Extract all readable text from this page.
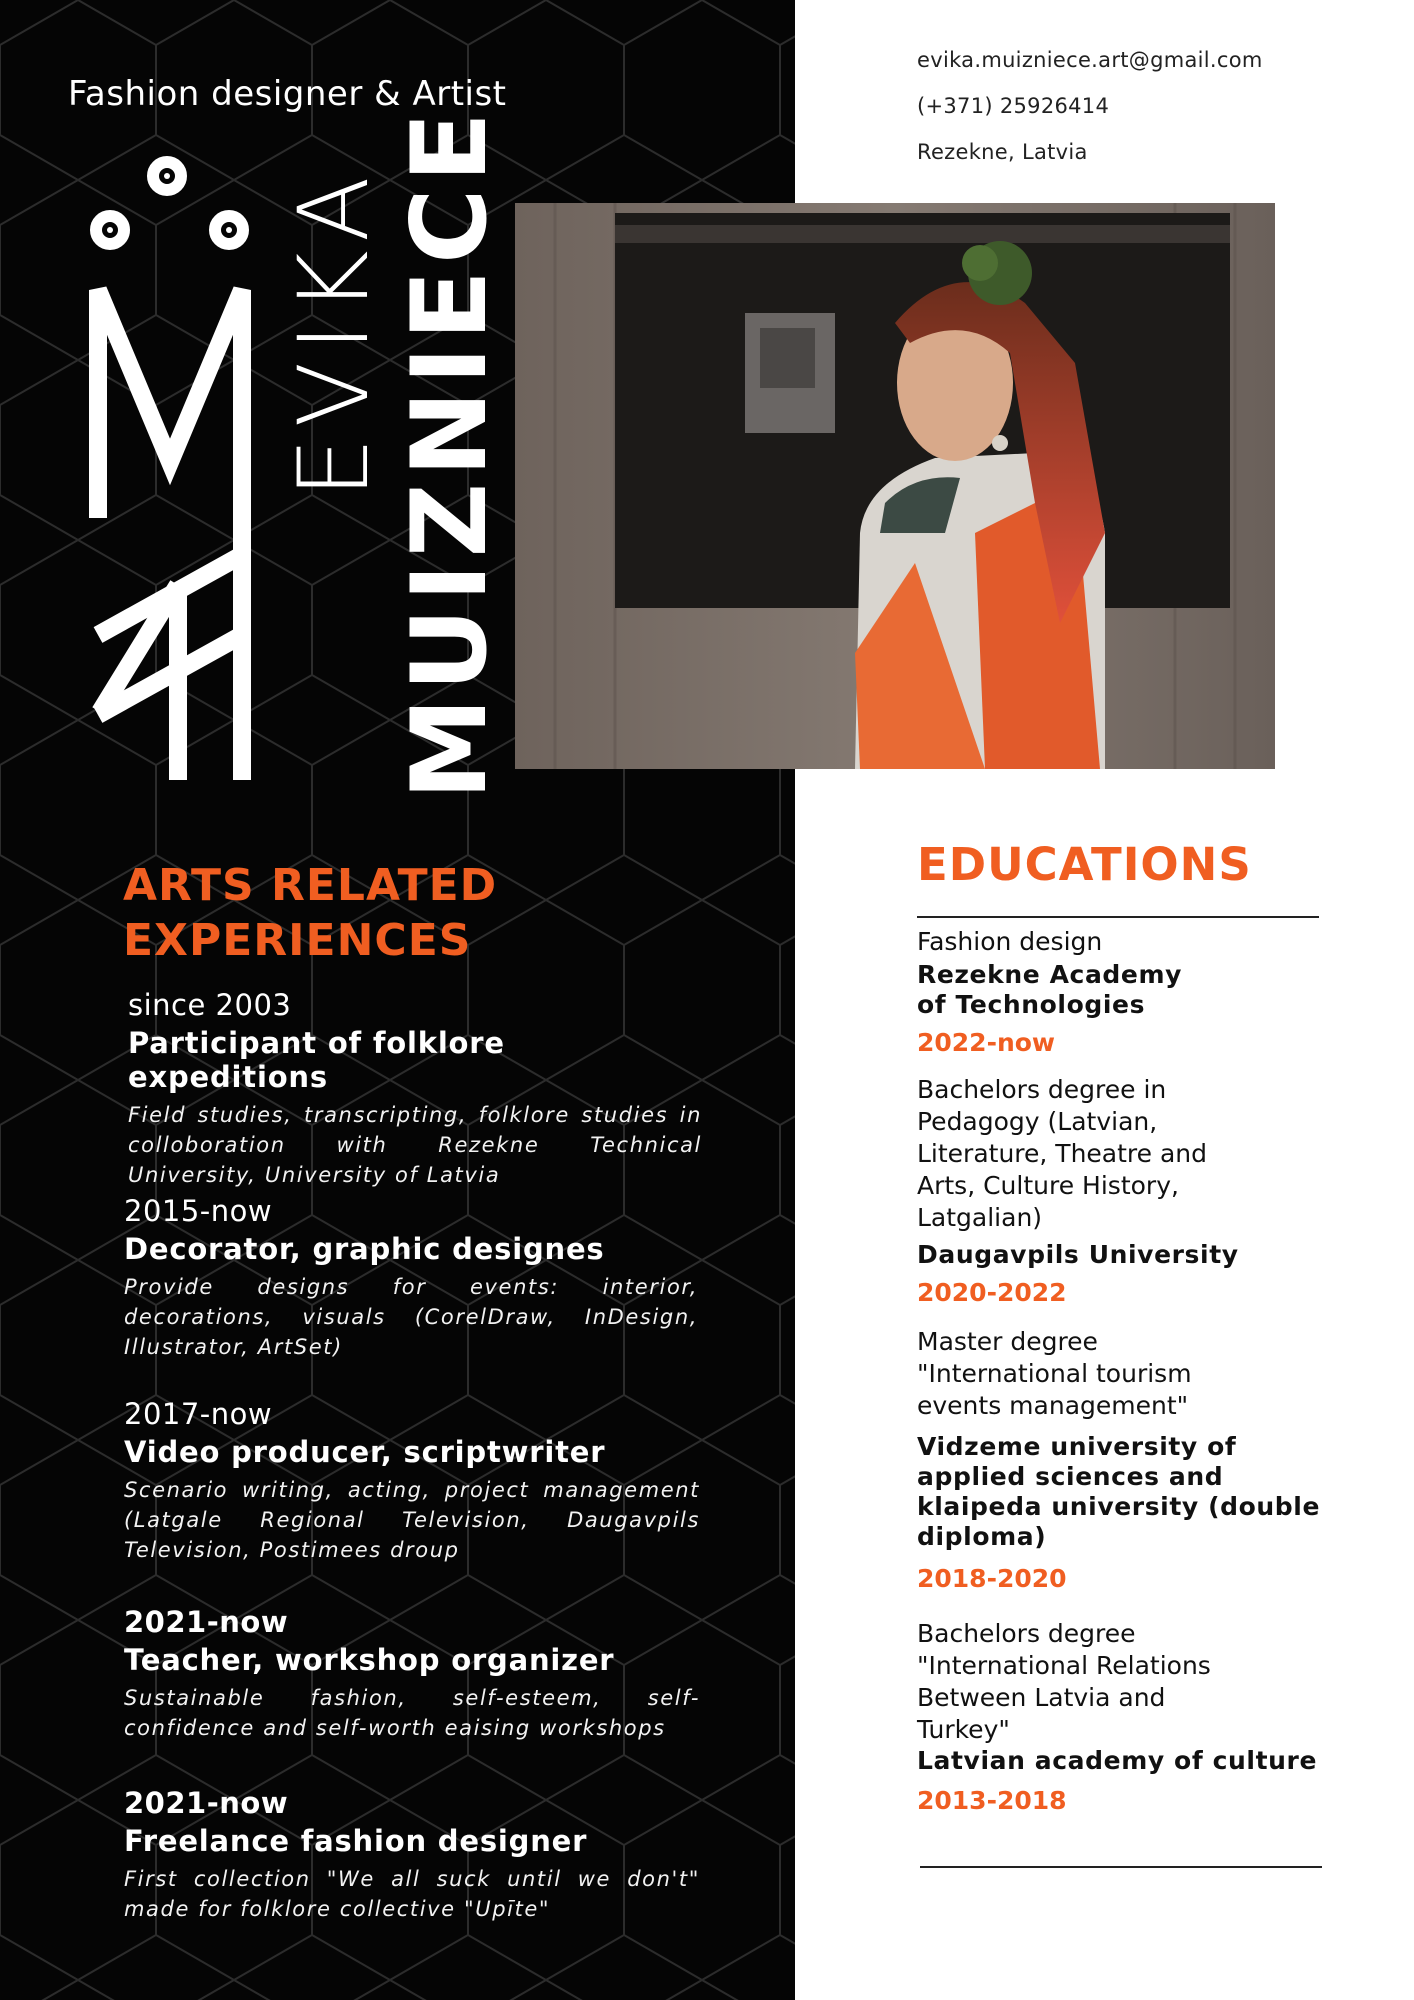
Fashion designer & Artist
EVIKA MUIZNIECE
ARTS RELATED
EXPERIENCES
since 2003
Participant of folklore expeditions
Field studies, transcripting, folklore studies in colloboration with Rezekne Technical University, University of Latvia
2015-now
Decorator, graphic designes
Provide designs for events: interior, decorations, visuals (CorelDraw, InDesign, Illustrator, ArtSet)
2017-now
Video producer, scriptwriter
Scenario writing, acting, project management (Latgale Regional Television, Daugavpils Television, Postimees droup
2021-now
Teacher, workshop organizer
Sustainable fashion, self-esteem, self-confidence and self-worth eaising workshops
2021-now
Freelance fashion designer
First collection "We all suck until we don't" made for folklore collective "Upīte"
evika.muizniece.art@gmail.com
(+371) 25926414
Rezekne, Latvia
EDUCATIONS
Fashion design
Rezekne Academy of Technologies
2022-now
Bachelors degree in Pedagogy (Latvian, Literature, Theatre and Arts, Culture History, Latgalian)
Daugavpils University
2020-2022
Master degree "International tourism events management"
Vidzeme university of applied sciences and klaipeda university (double diploma)
2018-2020
Bachelors degree "International Relations Between Latvia and Turkey"
Latvian academy of culture
2013-2018
